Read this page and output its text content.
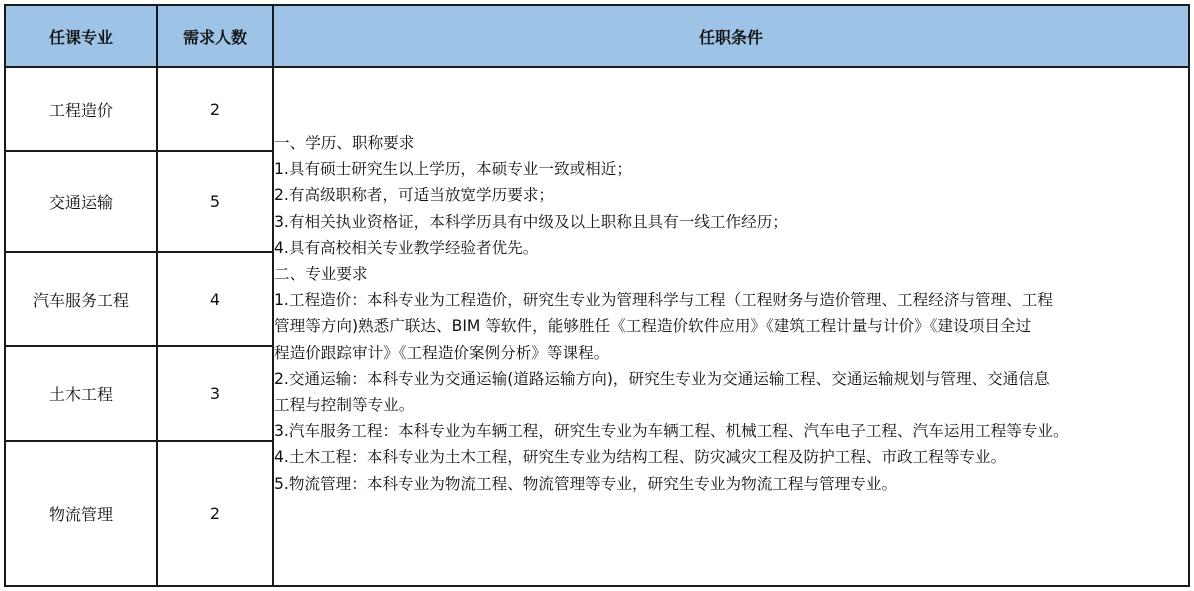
任课专业	需求人数	任职条件
工程造价	2
交通运输	5
汽车服务工程	4
土木工程	3
物流管理	2
一、学历、职称要求
1.具有硕士研究生以上学历，本硕专业一致或相近；
2.有高级职称者，可适当放宽学历要求；
3.有相关执业资格证，本科学历具有中级及以上职称且具有一线工作经历；
4.具有高校相关专业教学经验者优先。
二、专业要求
1.工程造价：本科专业为工程造价，研究生专业为管理科学与工程（工程财务与造价管理、工程经济与管理、工程
管理等方向)熟悉广联达、BIM 等软件，能够胜任《工程造价软件应用》《建筑工程计量与计价》《建设项目全过
程造价跟踪审计》《工程造价案例分析》等课程。
2.交通运输：本科专业为交通运输(道路运输方向)，研究生专业为交通运输工程、交通运输规划与管理、交通信息
工程与控制等专业。
3.汽车服务工程：本科专业为车辆工程，研究生专业为车辆工程、机械工程、汽车电子工程、汽车运用工程等专业。
4.土木工程：本科专业为土木工程，研究生专业为结构工程、防灾减灾工程及防护工程、市政工程等专业。
5.物流管理：本科专业为物流工程、物流管理等专业，研究生专业为物流工程与管理专业。
